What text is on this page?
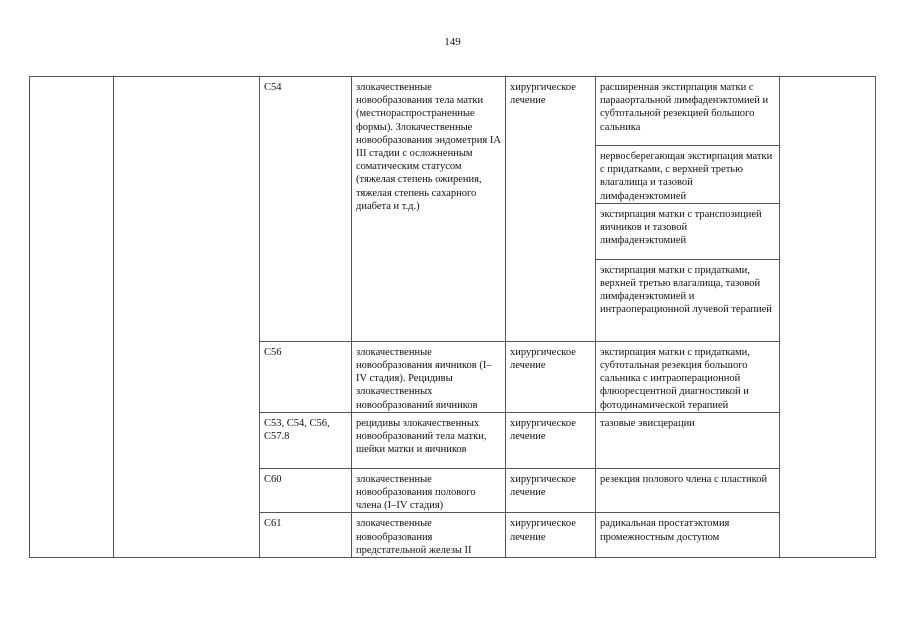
149
		C54	злокачественные новообразования тела матки (местнораспространенные формы). Злокачественные новообразования эндометрия IA III стадии с осложненным соматическим статусом (тяжелая степень ожирения, тяжелая степень сахарного диабета и т.д.)	хирургическое лечение	расширенная экстирпация матки с парааортальной лимфаденэктомией и субтотальной резекцией большого сальника	
					нервосберегающая экстирпация матки с придатками, с верхней третью влагалища и тазовой лимфаденэктомией	
					экстирпация матки с транспозицией яичников и тазовой лимфаденэктомией	
					экстирпация матки с придатками, верхней третью влагалища, тазовой лимфаденэктомией и интраоперационной лучевой терапией	
		C56	злокачественные новообразования яичников (I–IV стадия). Рецидивы злокачественных новообразований яичников	хирургическое лечение	экстирпация матки с придатками, субтотальная резекция большого сальника с интраоперационной флюоресцентной диагностикой и фотодинамической терапией	
		C53, C54, C56, C57.8	рецидивы злокачественных новообразований тела матки, шейки матки и яичников	хирургическое лечение	тазовые эвисцерации	
		C60	злокачественные новообразования полового члена (I–IV стадия)	хирургическое лечение	резекция полового члена с пластикой	
		C61	злокачественные новообразования предстательной железы II	хирургическое лечение	радикальная простатэктомия промежностным доступом	
